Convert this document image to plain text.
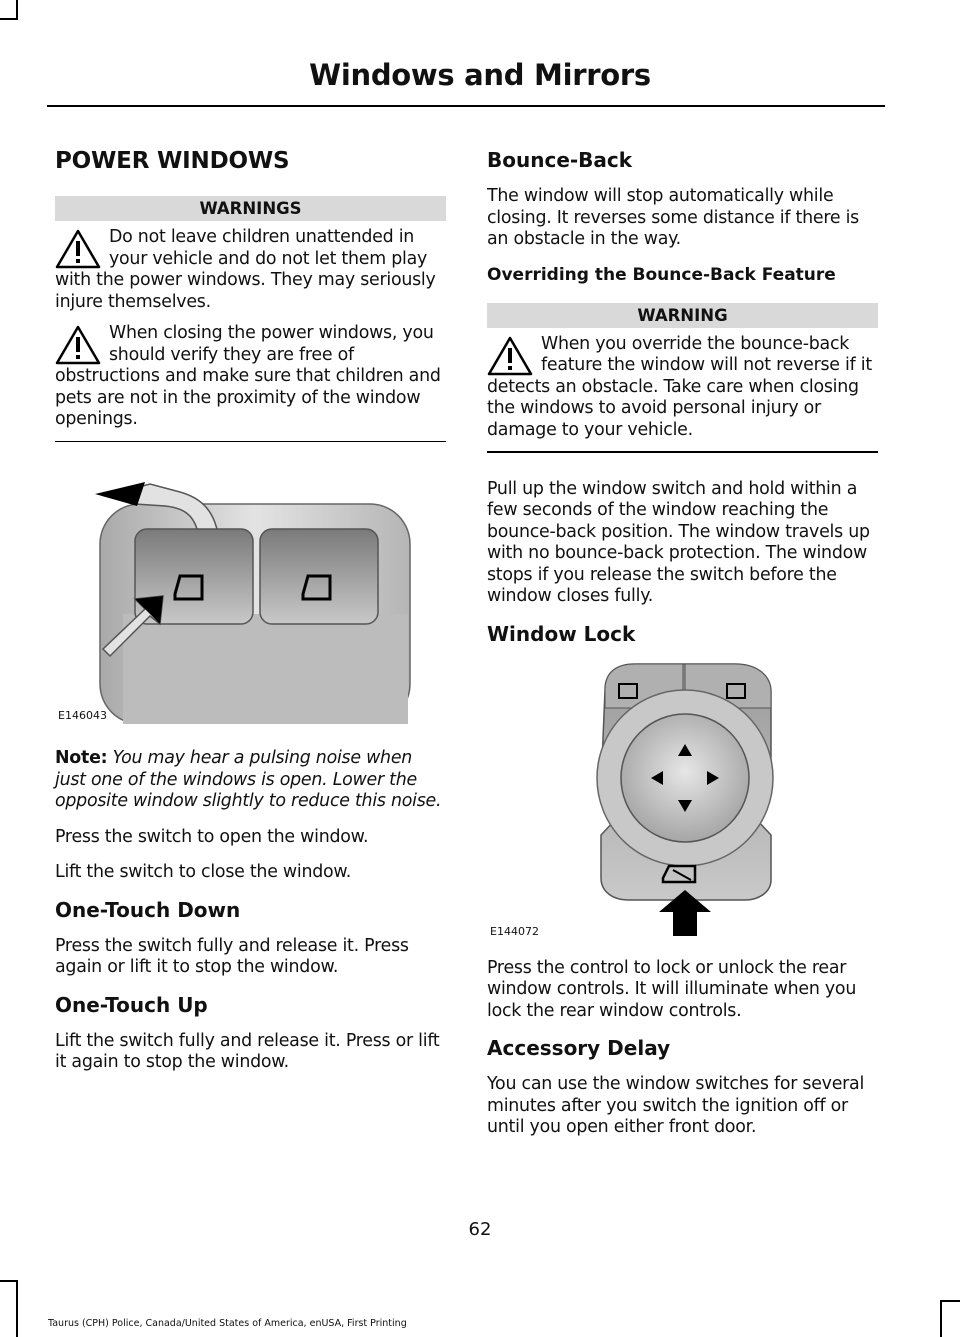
Windows and Mirrors
POWER WINDOWS
WARNINGS
Do not leave children unattended in your vehicle and do not let them play with the power windows. They may seriously injure themselves.
When closing the power windows, you should verify they are free of obstructions and make sure that children and pets are not in the proximity of the window openings.
E146043

Note: You may hear a pulsing noise when just one of the windows is open. Lower the opposite window slightly to reduce this noise.

Press the switch to open the window.

Lift the switch to close the window.

One-Touch Down

Press the switch fully and release it. Press again or lift it to stop the window.

One-Touch Up

Lift the switch fully and release it. Press or lift it again to stop the window.

Bounce-Back

The window will stop automatically while closing. It reverses some distance if there is an obstacle in the way.

Overriding the Bounce-Back Feature
WARNING
When you override the bounce-back feature the window will not reverse if it detects an obstacle. Take care when closing the windows to avoid personal injury or damage to your vehicle.

Pull up the window switch and hold within a few seconds of the window reaching the bounce-back position. The window travels up with no bounce-back protection. The window stops if you release the switch before the window closes fully.

Window Lock
E144072

Press the control to lock or unlock the rear window controls. It will illuminate when you lock the rear window controls.

Accessory Delay

You can use the window switches for several minutes after you switch the ignition off or until you open either front door.

62
Taurus (CPH) Police, Canada/United States of America, enUSA, First Printing
